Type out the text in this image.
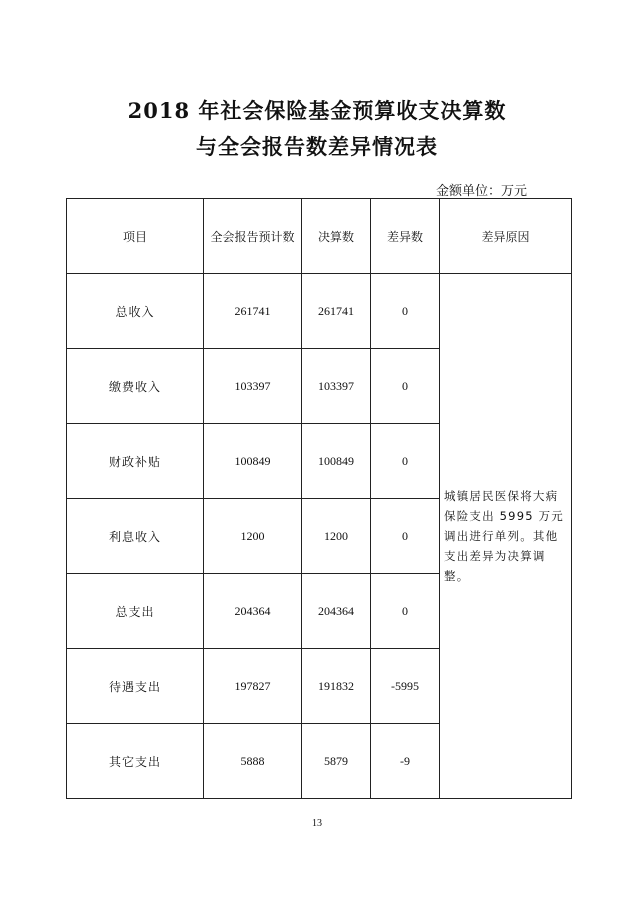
2018 年社会保险基金预算收支决算数
与全会报告数差异情况表
金额单位：万元
项目	全会报告预计数	决算数	差异数	差异原因
总收入	261741	261741	0	城镇居民医保将大病保险支出 5995 万元调出进行单列。其他支出差异为决算调整。
缴费收入	103397	103397	0	
财政补贴	100849	100849	0	
利息收入	1200	1200	0	
总支出	204364	204364	0	
待遇支出	197827	191832	-5995	
其它支出	5888	5879	-9	
13
